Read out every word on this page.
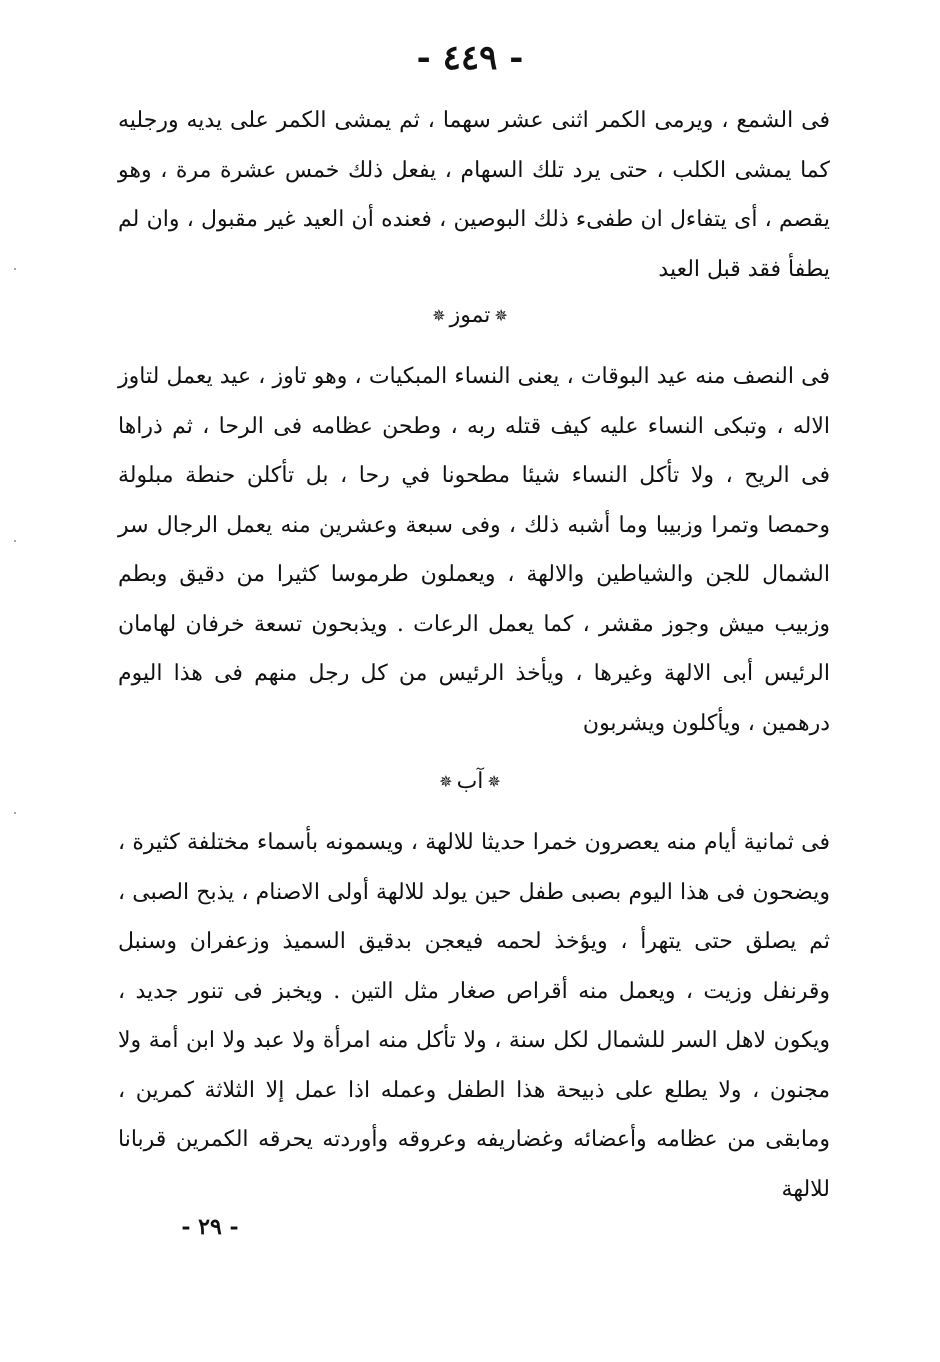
- ٤٤٩ -
فى الشمع ، ويرمى الكمر اثنى عشر سهما ، ثم يمشى الكمر على يديه ورجليه كما يمشى الكلب ، حتى يرد تلك السهام ، يفعل ذلك خمس عشرة مرة ، وهو يقصم ، أى يتفاءل ان طفىء ذلك البوصين ، فعنده أن العيد غير مقبول ، وان لم يطفأ فقد قبل العيد
✵تموز✵
فى النصف منه عيد البوقات ، يعنى النساء المبكيات ، وهو تاوز ، عيد يعمل لتاوز الاله ، وتبكى النساء عليه كيف قتله ربه ، وطحن عظامه فى الرحا ، ثم ذراها فى الريح ، ولا تأكل النساء شيئا مطحونا في رحا ، بل تأكلن حنطة مبلولة وحمصا وتمرا وزبيبا وما أشبه ذلك ، وفى سبعة وعشرين منه يعمل الرجال سر الشمال للجن والشياطين والالهة ، ويعملون طرموسا كثيرا من دقيق وبطم وزبيب ميش وجوز مقشر ، كما يعمل الرعات . ويذبحون تسعة خرفان لهامان الرئيس أبى الالهة وغيرها ، ويأخذ الرئيس من كل رجل منهم فى هذا اليوم درهمين ، ويأكلون ويشربون
✵آب✵
فى ثمانية أيام منه يعصرون خمرا حديثا للالهة ، ويسمونه بأسماء مختلفة كثيرة ، ويضحون فى هذا اليوم بصبى طفل حين يولد للالهة أولى الاصنام ، يذبح الصبى ، ثم يصلق حتى يتهرأ ، ويؤخذ لحمه فيعجن بدقيق السميذ وزعفران وسنبل وقرنفل وزيت ، ويعمل منه أقراص صغار مثل التين . ويخبز فى تنور جديد ، ويكون لاهل السر للشمال لكل سنة ، ولا تأكل منه امرأة ولا عبد ولا ابن أمة ولا مجنون ، ولا يطلع على ذبيحة هذا الطفل وعمله اذا عمل إلا الثلاثة كمرين ، ومابقى من عظامه وأعضائه وغضاريفه وعروقه وأوردته يحرقه الكمرين قربانا للالهة
- ٢٩ -
